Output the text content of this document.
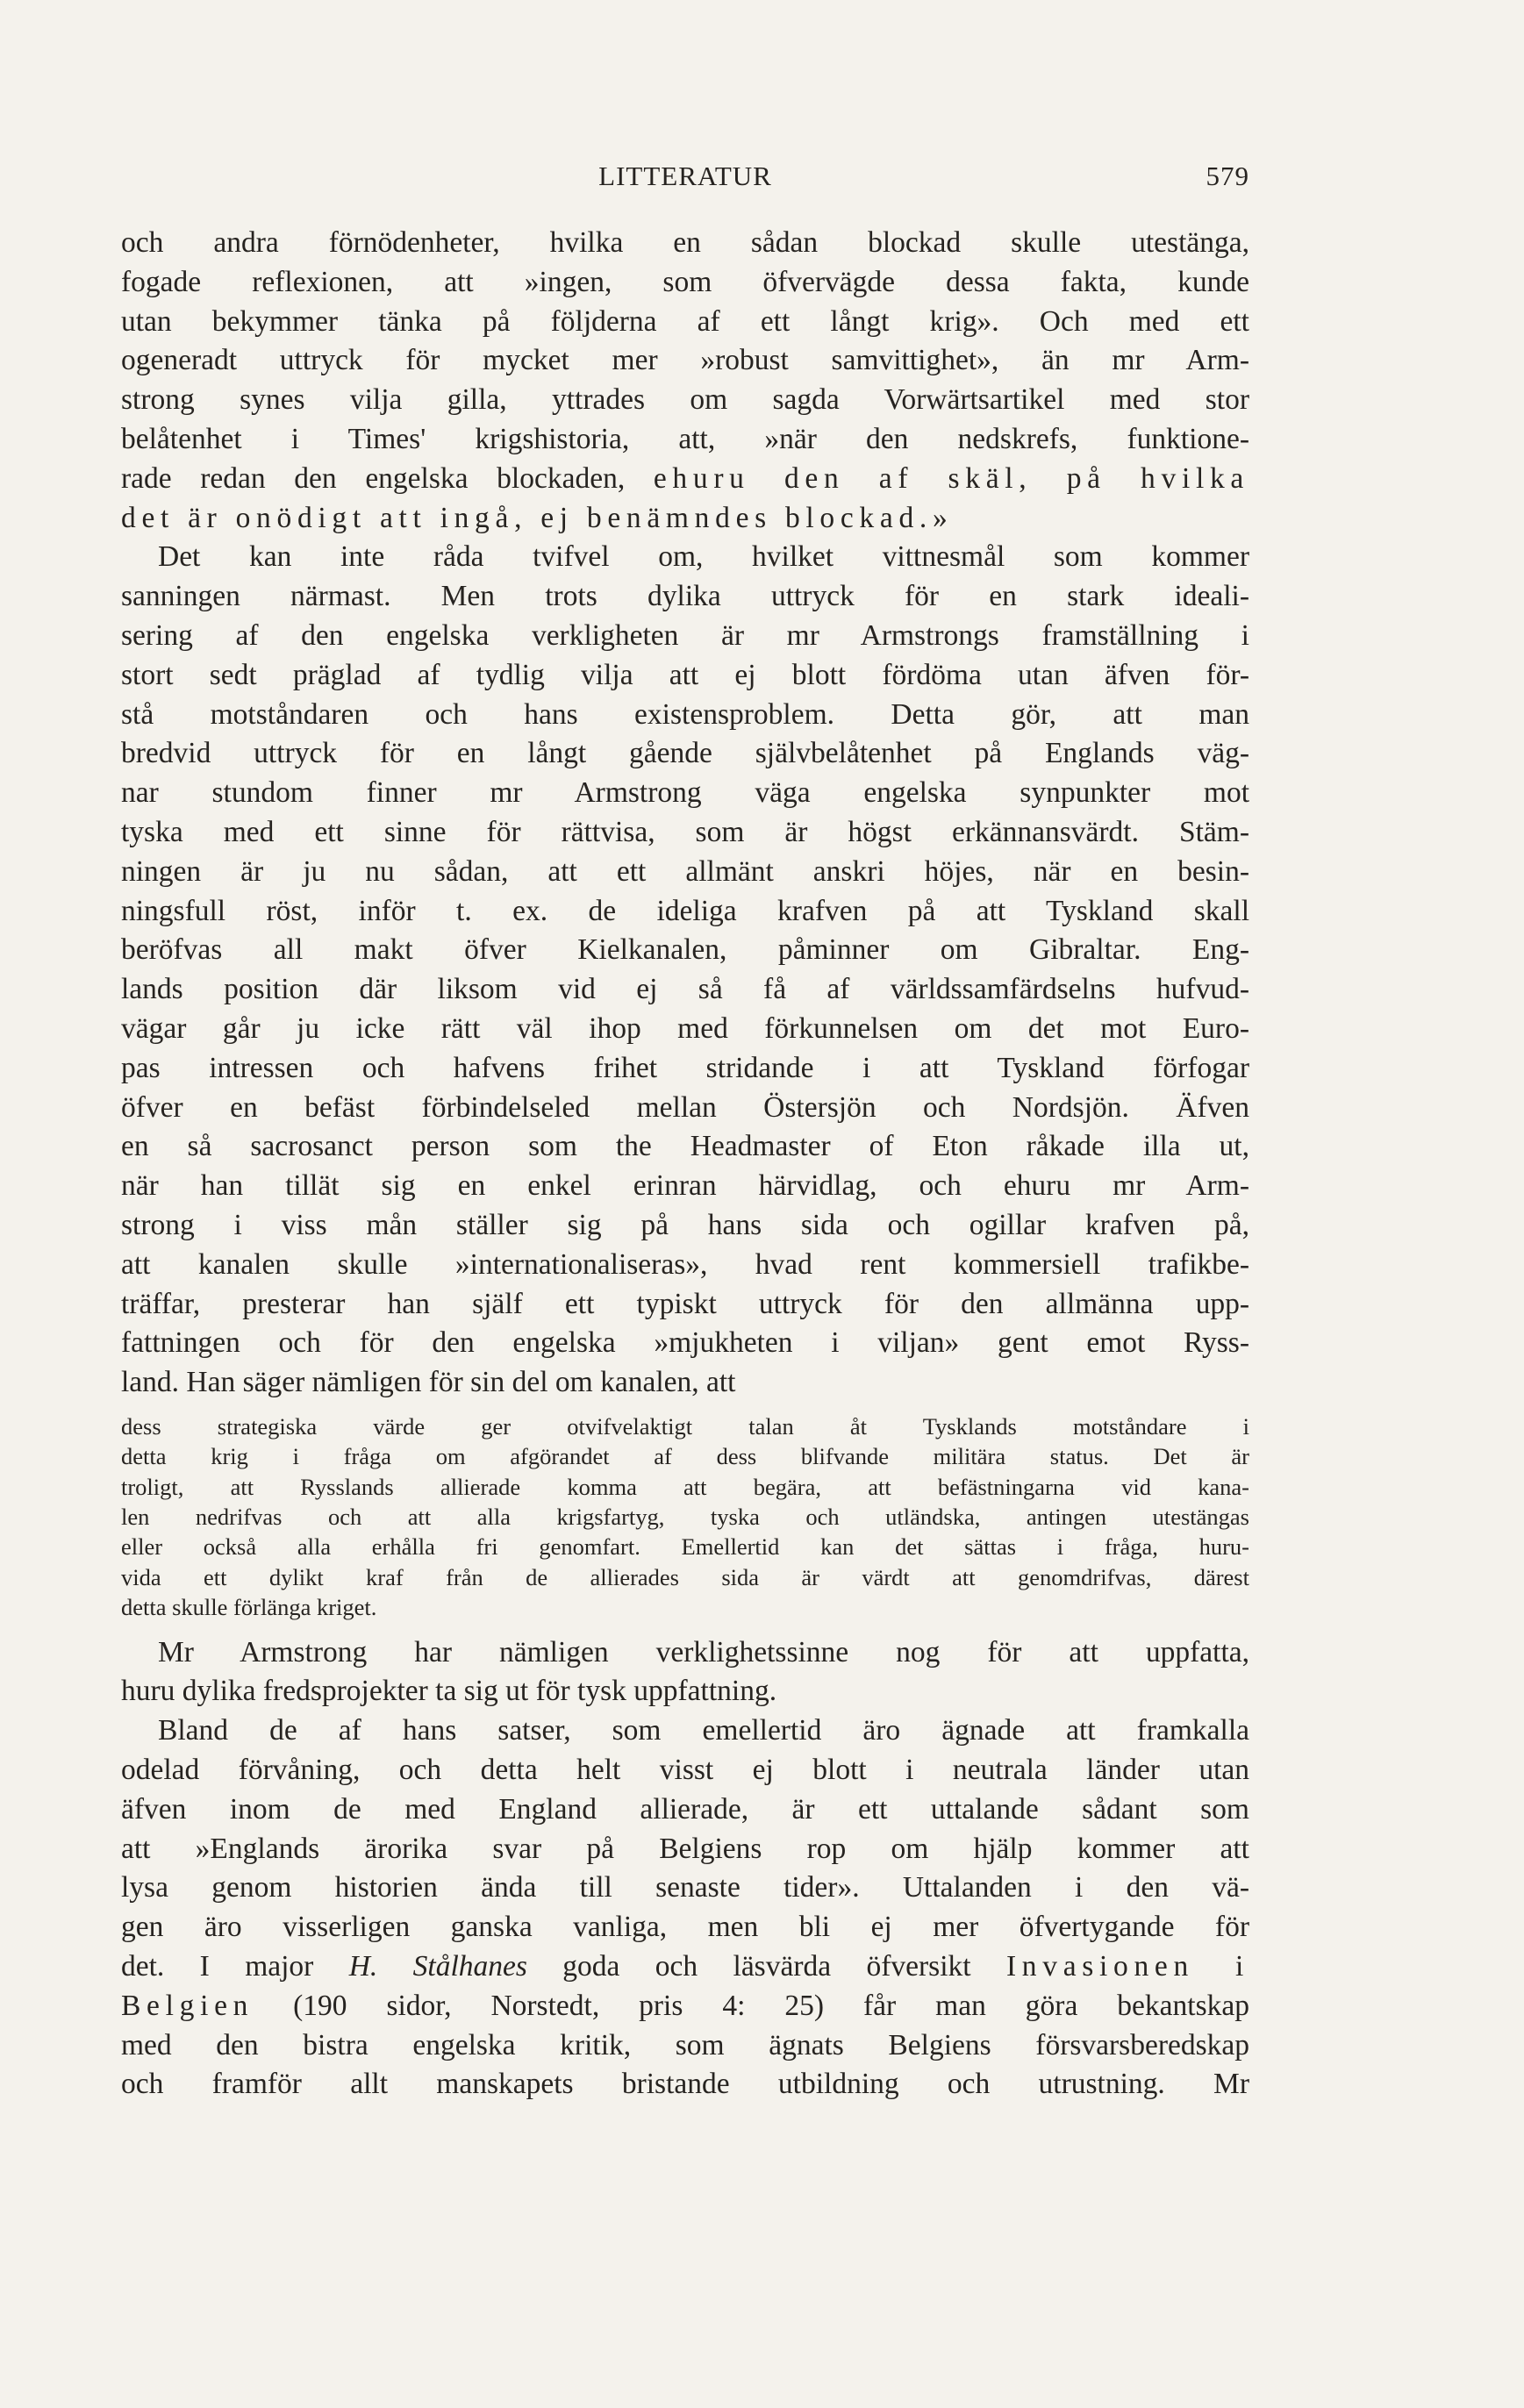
LITTERATUR	579
och andra förnödenheter, hvilka en sådan blockad skulle utestänga,
fogade reflexionen, att »ingen, som öfvervägde dessa fakta, kunde
utan bekymmer tänka på följderna af ett långt krig». Och med ett
ogeneradt uttryck för mycket mer »robust samvittighet», än mr Arm-
strong synes vilja gilla, yttrades om sagda Vorwärtsartikel med stor
belåtenhet i Times' krigshistoria, att, »när den nedskrefs, funktione-
rade redan den engelska blockaden, ehuru den af skäl, på hvilka
det är onödigt att ingå, ej benämndes blockad.»
Det kan inte råda tvifvel om, hvilket vittnesmål som kommer
sanningen närmast. Men trots dylika uttryck för en stark ideali-
sering af den engelska verkligheten är mr Armstrongs framställning i
stort sedt präglad af tydlig vilja att ej blott fördöma utan äfven för-
stå motståndaren och hans existensproblem. Detta gör, att man
bredvid uttryck för en långt gående självbelåtenhet på Englands väg-
nar stundom finner mr Armstrong väga engelska synpunkter mot
tyska med ett sinne för rättvisa, som är högst erkännansvärdt. Stäm-
ningen är ju nu sådan, att ett allmänt anskri höjes, när en besin-
ningsfull röst, inför t. ex. de ideliga krafven på att Tyskland skall
beröfvas all makt öfver Kielkanalen, påminner om Gibraltar. Eng-
lands position där liksom vid ej så få af världssamfärdselns hufvud-
vägar går ju icke rätt väl ihop med förkunnelsen om det mot Euro-
pas intressen och hafvens frihet stridande i att Tyskland förfogar
öfver en befäst förbindelseled mellan Östersjön och Nordsjön. Äfven
en så sacrosanct person som the Headmaster of Eton råkade illa ut,
när han tillät sig en enkel erinran härvidlag, och ehuru mr Arm-
strong i viss mån ställer sig på hans sida och ogillar krafven på,
att kanalen skulle »internationaliseras», hvad rent kommersiell trafikbe-
träffar, presterar han själf ett typiskt uttryck för den allmänna upp-
fattningen och för den engelska »mjukheten i viljan» gent emot Ryss-
land. Han säger nämligen för sin del om kanalen, att
dess strategiska värde ger otvifvelaktigt talan åt Tysklands motståndare i
detta krig i fråga om afgörandet af dess blifvande militära status. Det är
troligt, att Rysslands allierade komma att begära, att befästningarna vid kana-
len nedrifvas och att alla krigsfartyg, tyska och utländska, antingen utestängas
eller också alla erhålla fri genomfart. Emellertid kan det sättas i fråga, huru-
vida ett dylikt kraf från de allierades sida är värdt att genomdrifvas, därest
detta skulle förlänga kriget.
Mr Armstrong har nämligen verklighetssinne nog för att uppfatta,
huru dylika fredsprojekter ta sig ut för tysk uppfattning.
Bland de af hans satser, som emellertid äro ägnade att framkalla
odelad förvåning, och detta helt visst ej blott i neutrala länder utan
äfven inom de med England allierade, är ett uttalande sådant som
att »Englands ärorika svar på Belgiens rop om hjälp kommer att
lysa genom historien ända till senaste tider». Uttalanden i den vä-
gen äro visserligen ganska vanliga, men bli ej mer öfvertygande för
det. I major H. Stålhanes goda och läsvärda öfversikt Invasionen i
Belgien (190 sidor, Norstedt, pris 4: 25) får man göra bekantskap
med den bistra engelska kritik, som ägnats Belgiens försvarsberedskap
och framför allt manskapets bristande utbildning och utrustning. Mr
